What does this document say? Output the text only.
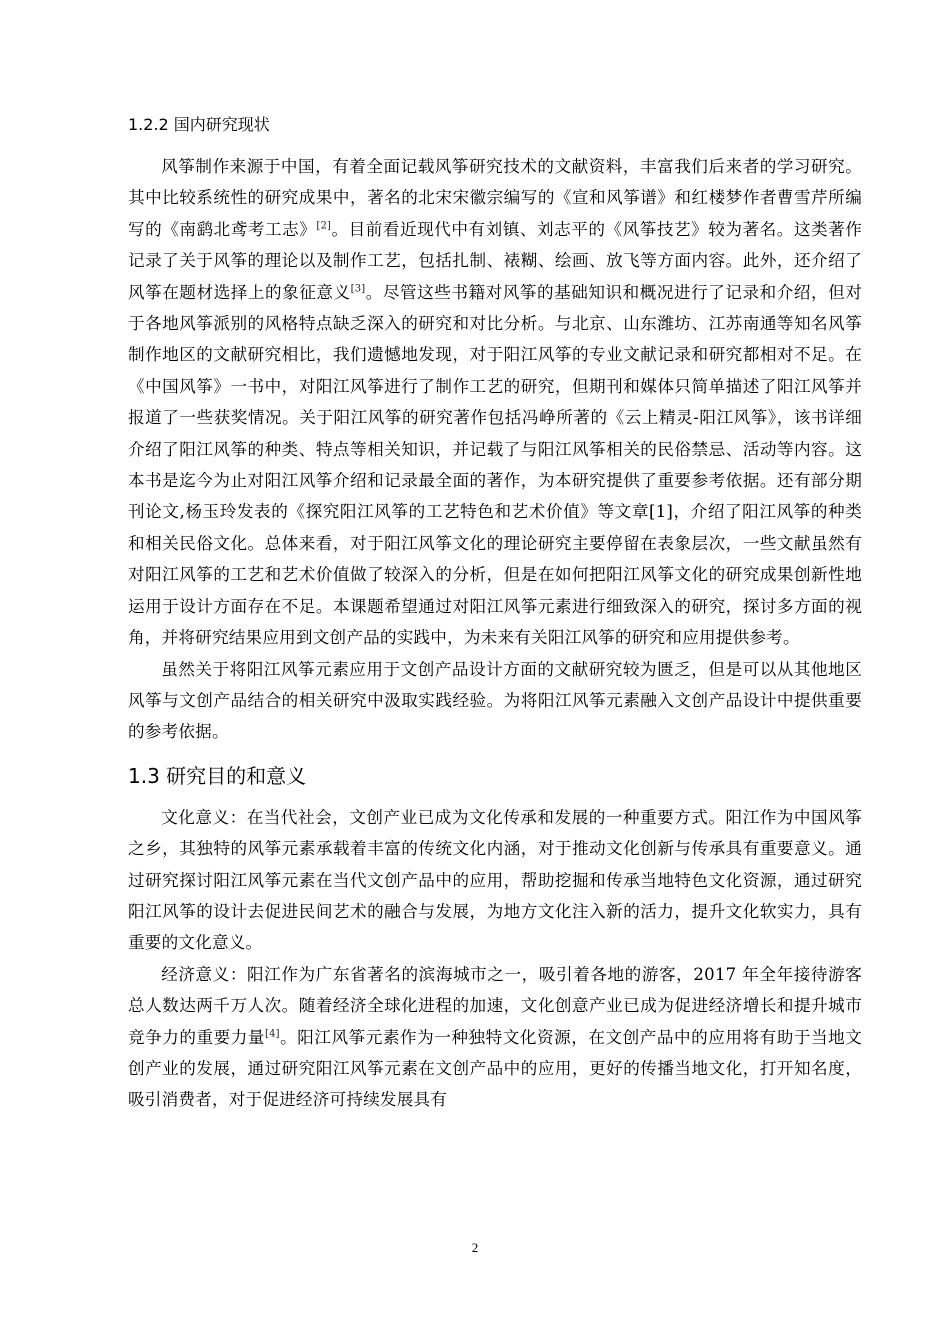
1.2.2 国内研究现状

风筝制作来源于中国，有着全面记载风筝研究技术的文献资料，丰富我们后来者的学习研究。其中比较系统性的研究成果中，著名的北宋宋徽宗编写的《宣和风筝谱》和红楼梦作者曹雪芹所编写的《南鹞北鸢考工志》[2]。目前看近现代中有刘镇、刘志平的《风筝技艺》较为著名。这类著作记录了关于风筝的理论以及制作工艺，包括扎制、裱糊、绘画、放飞等方面内容。此外，还介绍了风筝在题材选择上的象征意义[3]。尽管这些书籍对风筝的基础知识和概况进行了记录和介绍，但对于各地风筝派别的风格特点缺乏深入的研究和对比分析。与北京、山东潍坊、江苏南通等知名风筝制作地区的文献研究相比，我们遗憾地发现，对于阳江风筝的专业文献记录和研究都相对不足。在《中国风筝》一书中，对阳江风筝进行了制作工艺的研究，但期刊和媒体只简单描述了阳江风筝并报道了一些获奖情况。关于阳江风筝的研究著作包括冯峥所著的《云上精灵-阳江风筝》，该书详细介绍了阳江风筝的种类、特点等相关知识，并记载了与阳江风筝相关的民俗禁忌、活动等内容。这本书是迄今为止对阳江风筝介绍和记录最全面的著作，为本研究提供了重要参考依据。还有部分期刊论文,杨玉玲发表的《探究阳江风筝的工艺特色和艺术价值》等文章[1]，介绍了阳江风筝的种类和相关民俗文化。总体来看，对于阳江风筝文化的理论研究主要停留在表象层次，一些文献虽然有对阳江风筝的工艺和艺术价值做了较深入的分析，但是在如何把阳江风筝文化的研究成果创新性地运用于设计方面存在不足。本课题希望通过对阳江风筝元素进行细致深入的研究，探讨多方面的视角，并将研究结果应用到文创产品的实践中，为未来有关阳江风筝的研究和应用提供参考。

虽然关于将阳江风筝元素应用于文创产品设计方面的文献研究较为匮乏，但是可以从其他地区风筝与文创产品结合的相关研究中汲取实践经验。为将阳江风筝元素融入文创产品设计中提供重要的参考依据。

1.3 研究目的和意义

文化意义：在当代社会，文创产业已成为文化传承和发展的一种重要方式。阳江作为中国风筝之乡，其独特的风筝元素承载着丰富的传统文化内涵，对于推动文化创新与传承具有重要意义。通过研究探讨阳江风筝元素在当代文创产品中的应用，帮助挖掘和传承当地特色文化资源，通过研究阳江风筝的设计去促进民间艺术的融合与发展，为地方文化注入新的活力，提升文化软实力，具有重要的文化意义。

经济意义：阳江作为广东省著名的滨海城市之一，吸引着各地的游客，2017 年全年接待游客总人数达两千万人次。随着经济全球化进程的加速，文化创意产业已成为促进经济增长和提升城市竞争力的重要力量[4]。阳江风筝元素作为一种独特文化资源，在文创产品中的应用将有助于当地文创产业的发展，通过研究阳江风筝元素在文创产品中的应用，更好的传播当地文化，打开知名度，吸引消费者，对于促进经济可持续发展具有

2
